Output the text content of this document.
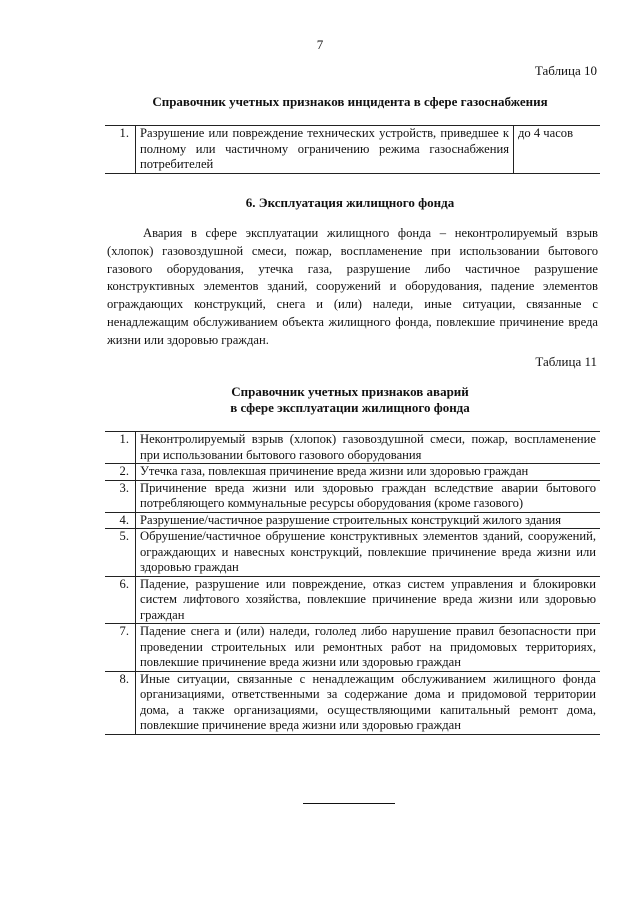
7
Таблица 10
Справочник учетных признаков инцидента в сфере газоснабжения
1.	Разрушение или повреждение технических устройств, приведшее к полному или частичному ограничению режима газоснабжения потребителей	до 4 часов
6. Эксплуатация жилищного фонда
Авария в сфере эксплуатации жилищного фонда – неконтролируемый взрыв (хлопок) газовоздушной смеси, пожар, воспламенение при использовании бытового газового оборудования, утечка газа, разрушение либо частичное разрушение конструктивных элементов зданий, сооружений и оборудования, падение элементов ограждающих конструкций, снега и (или) наледи, иные ситуации, связанные с ненадлежащим обслуживанием объекта жилищного фонда, повлекшие причинение вреда жизни или здоровью граждан.
Таблица 11
Справочник учетных признаков аварий
в сфере эксплуатации жилищного фонда
1.	Неконтролируемый взрыв (хлопок) газовоздушной смеси, пожар, воспламенение при использовании бытового газового оборудования
2.	Утечка газа, повлекшая причинение вреда жизни или здоровью граждан
3.	Причинение вреда жизни или здоровью граждан вследствие аварии бытового потребляющего коммунальные ресурсы оборудования (кроме газового)
4.	Разрушение/частичное разрушение строительных конструкций жилого здания
5.	Обрушение/частичное обрушение конструктивных элементов зданий, сооружений, ограждающих и навесных конструкций, повлекшие причинение вреда жизни или здоровью граждан
6.	Падение, разрушение или повреждение, отказ систем управления и блокировки систем лифтового хозяйства, повлекшие причинение вреда жизни или здоровью граждан
7.	Падение снега и (или) наледи, гололед либо нарушение правил безопасности при проведении строительных или ремонтных работ на придомовых территориях, повлекшие причинение вреда жизни или здоровью граждан
8.	Иные ситуации, связанные с ненадлежащим обслуживанием жилищного фонда организациями, ответственными за содержание дома и придомовой территории дома, а также организациями, осуществляющими капитальный ремонт дома, повлекшие причинение вреда жизни или здоровью граждан
